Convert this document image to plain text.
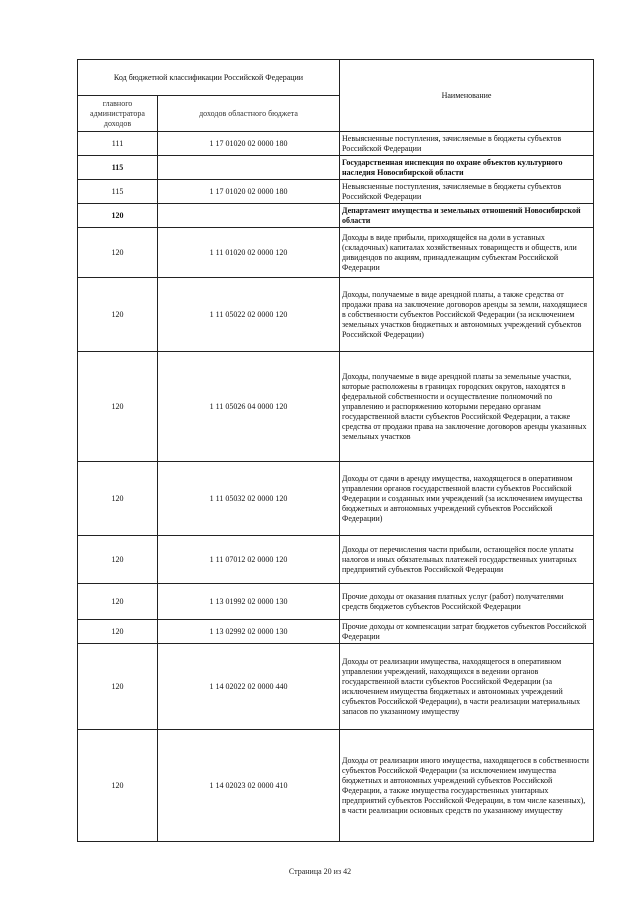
Код бюджетной классификации Российской Федерации		Наименование
главного администратора доходов	доходов областного бюджета	
111	1 17 01020 02 0000 180	Невыясненные поступления, зачисляемые в бюджеты субъектов Российской Федерации
115		Государственная инспекция по охране объектов культурного наследия Новосибирской области
115	1 17 01020 02 0000 180	Невыясненные поступления, зачисляемые в бюджеты субъектов Российской Федерации
120		Департамент имущества и земельных отношений Новосибирской области
120	1 11 01020 02 0000 120	Доходы в виде прибыли, приходящейся на доли в уставных (складочных) капиталах хозяйственных товариществ и обществ, или дивидендов по акциям, принадлежащим субъектам Российской Федерации
120	1 11 05022 02 0000 120	Доходы, получаемые в виде арендной платы, а также средства от продажи права на заключение договоров аренды за земли, находящиеся в собственности субъектов Российской Федерации (за исключением земельных участков бюджетных и автономных учреждений субъектов Российской Федерации)
120	1 11 05026 04 0000 120	Доходы, получаемые в виде арендной платы за земельные участки, которые расположены в границах городских округов, находятся в федеральной собственности и осуществление полномочий по управлению и распоряжению которыми передано органам государственной власти субъектов Российской Федерации, а также средства от продажи права на заключение договоров аренды указанных земельных участков
120	1 11 05032 02 0000 120	Доходы от сдачи в аренду имущества, находящегося в оперативном управлении органов государственной власти субъектов Российской Федерации и созданных ими учреждений (за исключением имущества бюджетных и автономных учреждений субъектов Российской Федерации)
120	1 11 07012 02 0000 120	Доходы от перечисления части прибыли, остающейся после уплаты налогов и иных обязательных платежей государственных унитарных предприятий субъектов Российской Федерации
120	1 13 01992 02 0000 130	Прочие доходы от оказания платных услуг (работ) получателями средств бюджетов субъектов Российской Федерации
120	1 13 02992 02 0000 130	Прочие доходы от компенсации затрат бюджетов субъектов Российской Федерации
120	1 14 02022 02 0000 440	Доходы от реализации имущества, находящегося в оперативном управлении учреждений, находящихся в ведении органов государственной власти субъектов Российской Федерации (за исключением имущества бюджетных и автономных учреждений субъектов Российской Федерации), в части реализации материальных запасов по указанному имуществу
120	1 14 02023 02 0000 410	Доходы от реализации иного имущества, находящегося в собственности субъектов Российской Федерации (за исключением имущества бюджетных и автономных учреждений субъектов Российской Федерации, а также имущества государственных унитарных предприятий субъектов Российской Федерации, в том числе казенных), в части реализации основных средств по указанному имуществу
Страница 20 из 42
